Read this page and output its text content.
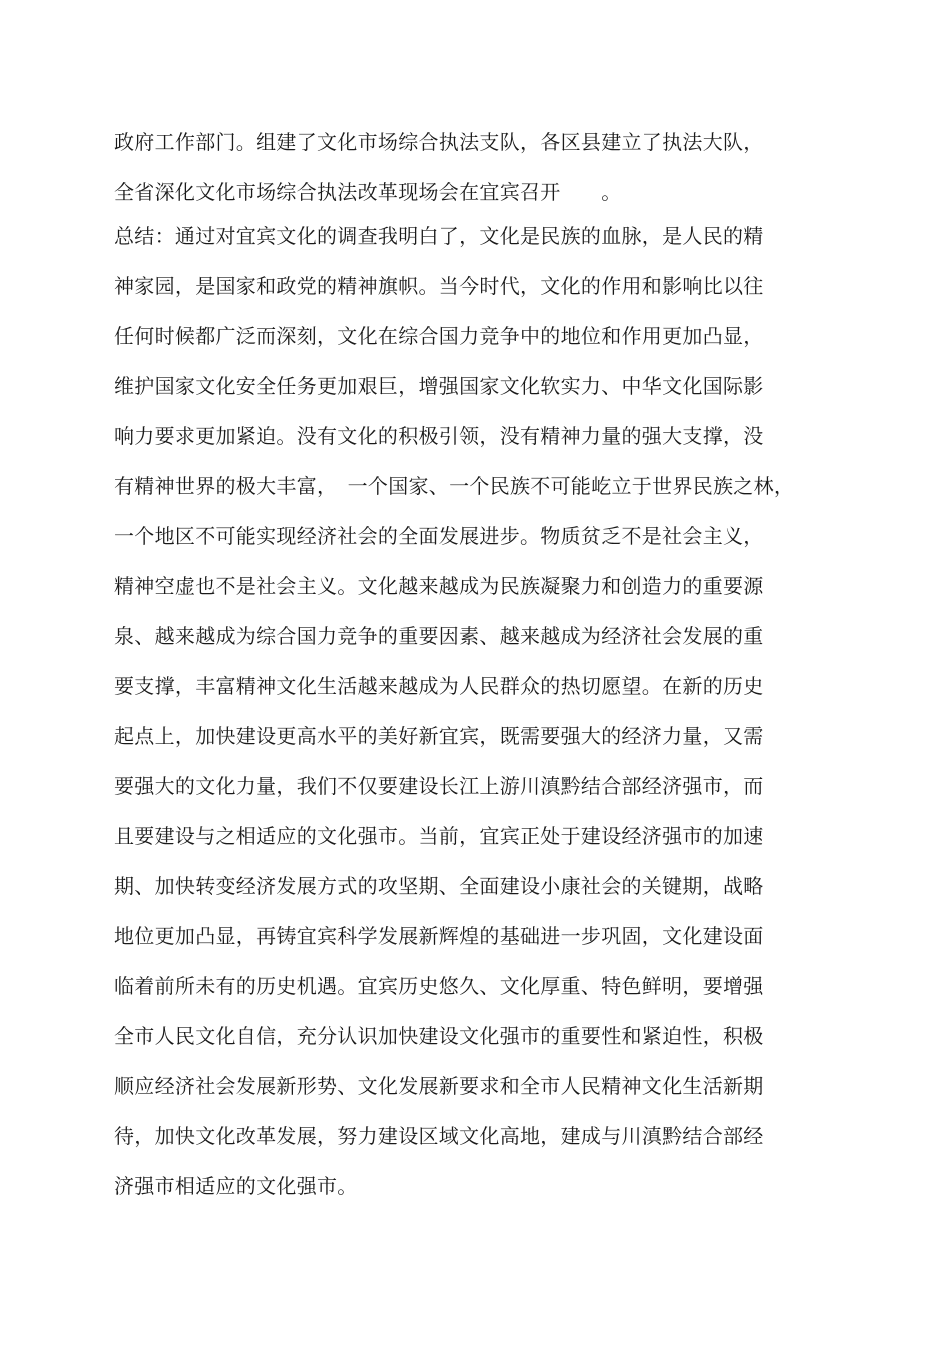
政府工作部门。组建了文化市场综合执法支队，各区县建立了执法大队，
全省深化文化市场综合执法改革现场会在宜宾召开　　。
总结：通过对宜宾文化的调查我明白了，文化是民族的血脉，是人民的精
神家园，是国家和政党的精神旗帜。当今时代，文化的作用和影响比以往
任何时候都广泛而深刻，文化在综合国力竞争中的地位和作用更加凸显，
维护国家文化安全任务更加艰巨，增强国家文化软实力、中华文化国际影
响力要求更加紧迫。没有文化的积极引领，没有精神力量的强大支撑，没
有精神世界的极大丰富，　一个国家、一个民族不可能屹立于世界民族之林，
一个地区不可能实现经济社会的全面发展进步。物质贫乏不是社会主义，
精神空虚也不是社会主义。文化越来越成为民族凝聚力和创造力的重要源
泉、越来越成为综合国力竞争的重要因素、越来越成为经济社会发展的重
要支撑，丰富精神文化生活越来越成为人民群众的热切愿望。在新的历史
起点上，加快建设更高水平的美好新宜宾，既需要强大的经济力量，又需
要强大的文化力量，我们不仅要建设长江上游川滇黔结合部经济强市，而
且要建设与之相适应的文化强市。当前，宜宾正处于建设经济强市的加速
期、加快转变经济发展方式的攻坚期、全面建设小康社会的关键期，战略
地位更加凸显，再铸宜宾科学发展新辉煌的基础进一步巩固，文化建设面
临着前所未有的历史机遇。宜宾历史悠久、文化厚重、特色鲜明，要增强
全市人民文化自信，充分认识加快建设文化强市的重要性和紧迫性，积极
顺应经济社会发展新形势、文化发展新要求和全市人民精神文化生活新期
待，加快文化改革发展，努力建设区域文化高地，建成与川滇黔结合部经
济强市相适应的文化强市。
